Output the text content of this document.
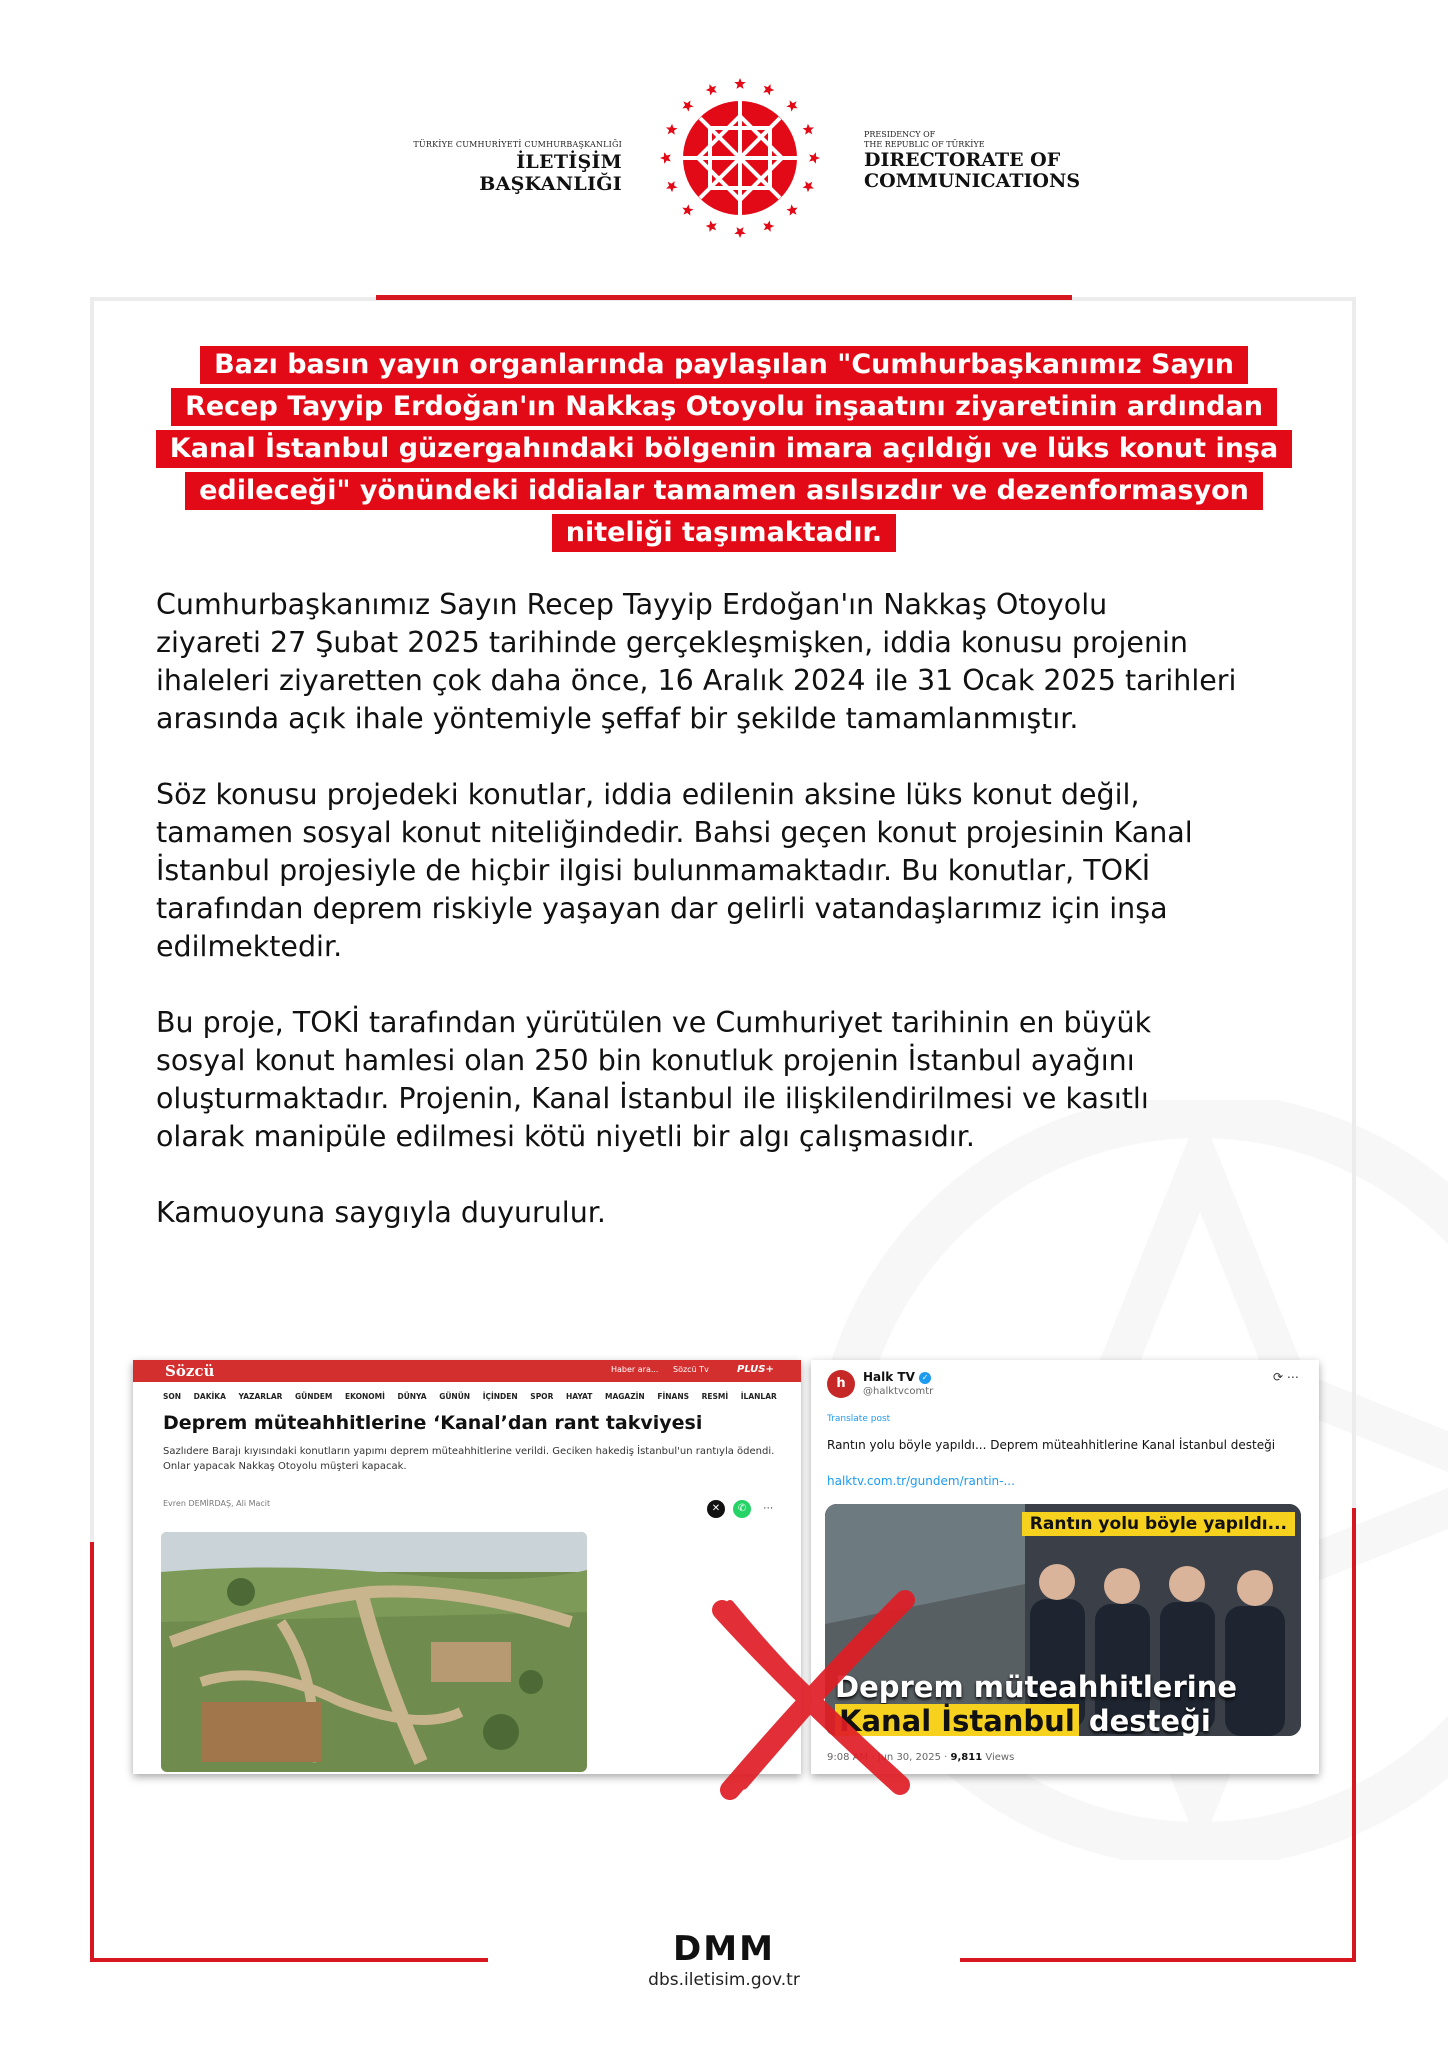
TÜRKİYE CUMHURİYETİ CUMHURBAŞKANLIĞI
İLETİŞİM BAŞKANLIĞI
PRESIDENCY OF
THE REPUBLIC OF TÜRKİYE
DIRECTORATE OF
COMMUNICATIONS
Bazı basın yayın organlarında paylaşılan "Cumhurbaşkanımız Sayın
Recep Tayyip Erdoğan'ın Nakkaş Otoyolu inşaatını ziyaretinin ardından
Kanal İstanbul güzergahındaki bölgenin imara açıldığı ve lüks konut inşa
edileceği" yönündeki iddialar tamamen asılsızdır ve dezenformasyon
niteliği taşımaktadır.

Cumhurbaşkanımız Sayın Recep Tayyip Erdoğan'ın Nakkaş Otoyolu
ziyareti 27 Şubat 2025 tarihinde gerçekleşmişken, iddia konusu projenin
ihaleleri ziyaretten çok daha önce, 16 Aralık 2024 ile 31 Ocak 2025 tarihleri
arasında açık ihale yöntemiyle şeffaf bir şekilde tamamlanmıştır.

Söz konusu projedeki konutlar, iddia edilenin aksine lüks konut değil,
tamamen sosyal konut niteliğindedir. Bahsi geçen konut projesinin Kanal
İstanbul projesiyle de hiçbir ilgisi bulunmamaktadır. Bu konutlar, TOKİ
tarafından deprem riskiyle yaşayan dar gelirli vatandaşlarımız için inşa
edilmektedir.

Bu proje, TOKİ tarafından yürütülen ve Cumhuriyet tarihinin en büyük
sosyal konut hamlesi olan 250 bin konutluk projenin İstanbul ayağını
oluşturmaktadır. Projenin, Kanal İstanbul ile ilişkilendirilmesi ve kasıtlı
olarak manipüle edilmesi kötü niyetli bir algı çalışmasıdır.

Kamuoyuna saygıyla duyurulur.

Sözcü	Haber ara... Sözcü Tv	PLUS+
SON DAKİKA YAZARLAR GÜNDEM EKONOMİ DÜNYA GÜNÜN İÇİNDEN SPOR HAYAT MAGAZİN FİNANS RESMİ İLANLAR
Deprem müteahhitlerine ‘Kanal’dan rant takviyesi
Sazlıdere Barajı kıyısındaki konutların yapımı deprem müteahhitlerine verildi. Geciken hakediş İstanbul'un rantıyla ödendi. Onlar yapacak Nakkaş Otoyolu müşteri kapacak.
Evren DEMİRDAŞ, Ali Macit	✕ ✆ ⋯
h	Halk TV ✓
@halktvcomtr
⟳ ⋯
Translate post
Rantın yolu böyle yapıldı... Deprem müteahhitlerine Kanal İstanbul desteği
halktv.com.tr/gundem/rantin-...
Rantın yolu böyle yapıldı...
Deprem müteahhitlerine
Kanal İstanbul desteği
9:08 AM · Jun 30, 2025 · 9,811 Views
DMM
dbs.iletisim.gov.tr
